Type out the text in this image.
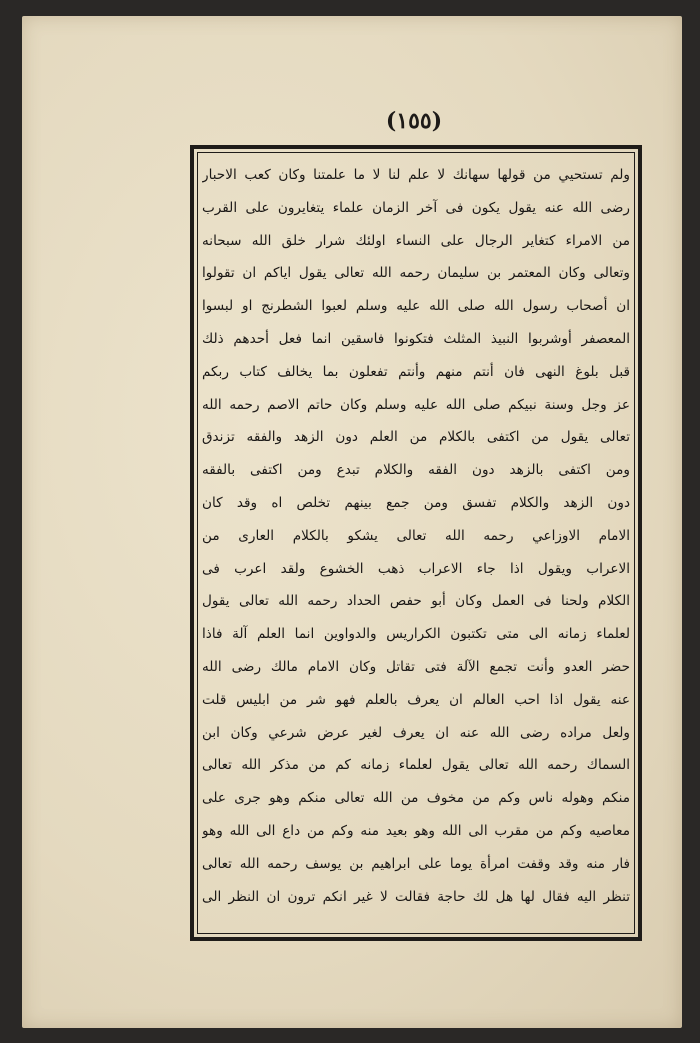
(١٥٥)
ولم تستحيي من قولها سهانك لا علم لنا لا ما علمتنا وكان كعب الاحبار
رضى الله عنه يقول يكون فى آخر الزمان علماء يتغايرون على القرب
من الامراء كتغاير الرجال على النساء اولئك شرار خلق الله سبحانه
وتعالى وكان المعتمر بن سليمان رحمه الله تعالى يقول اياكم ان تقولوا
ان أصحاب رسول الله صلى الله عليه وسلم لعبوا الشطرنج او لبسوا
المعصفر أوشربوا النبيذ المثلث فتكونوا فاسقين انما فعل أحدهم ذلك
قبل بلوغ النهى فان أنتم منهم وأنتم تفعلون بما يخالف كتاب ربكم
عز وجل وسنة نبيكم صلى الله عليه وسلم وكان حاتم الاصم رحمه الله
تعالى يقول من اكتفى بالكلام من العلم دون الزهد والفقه تزندق
ومن اكتفى بالزهد دون الفقه والكلام تبدع ومن اكتفى بالفقه
دون الزهد والكلام تفسق ومن جمع بينهم تخلص اه وقد كان
الامام الاوزاعي رحمه الله تعالى يشكو بالكلام العارى من
الاعراب ويقول اذا جاء الاعراب ذهب الخشوع ولقد اعرب فى
الكلام ولحنا فى العمل وكان أبو حفص الحداد رحمه الله تعالى يقول
لعلماء زمانه الى متى تكتبون الكراريس والدواوين انما العلم آلة فاذا
حضر العدو وأنت تجمع الآلة فتى تقاتل وكان الامام مالك رضى الله
عنه يقول اذا احب العالم ان يعرف بالعلم فهو شر من ابليس قلت
ولعل مراده رضى الله عنه ان يعرف لغير عرض شرعي وكان ابن
السماك رحمه الله تعالى يقول لعلماء زمانه كم من مذكر الله تعالى
منكم وهوله ناس وكم من مخوف من الله تعالى منكم وهو جرى على
معاصيه وكم من مقرب الى الله وهو بعيد منه وكم من داع الى الله وهو
فار منه وقد وقفت امرأة يوما على ابراهيم بن يوسف رحمه الله تعالى
تنظر اليه فقال لها هل لك حاجة فقالت لا غير انكم ترون ان النظر الى
